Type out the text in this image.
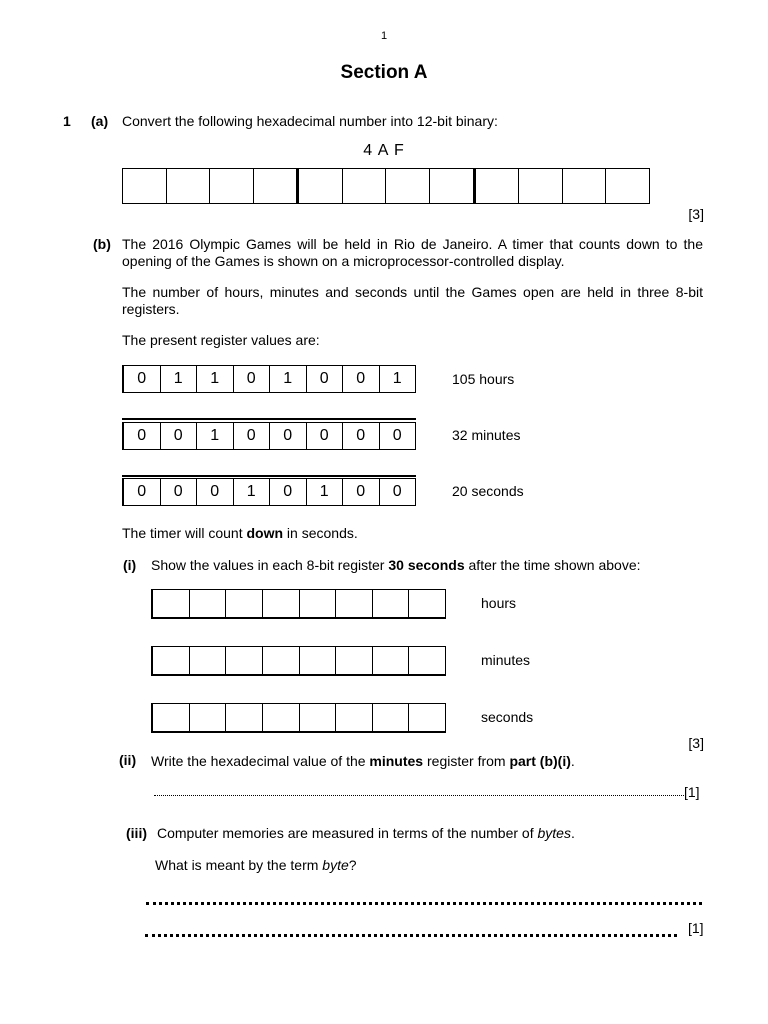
1
Section A
1 (a) Convert the following hexadecimal number into 12-bit binary:
4 A F
[3]
(b) The 2016 Olympic Games will be held in Rio de Janeiro. A timer that counts down to the opening of the Games is shown on a microprocessor-controlled display.
The number of hours, minutes and seconds until the Games open are held in three 8-bit registers.
The present register values are:
0	1	1	0	1	0	0	1	105 hours
0	0	1	0	0	0	0	0	32 minutes
0	0	0	1	0	1	0	0	20 seconds
The timer will count down in seconds.
(i) Show the values in each 8-bit register 30 seconds after the time shown above:
hours
minutes
seconds
[3]
(ii) Write the hexadecimal value of the minutes register from part (b)(i).
[1]
(iii) Computer memories are measured in terms of the number of bytes.
What is meant by the term byte?
[1]
